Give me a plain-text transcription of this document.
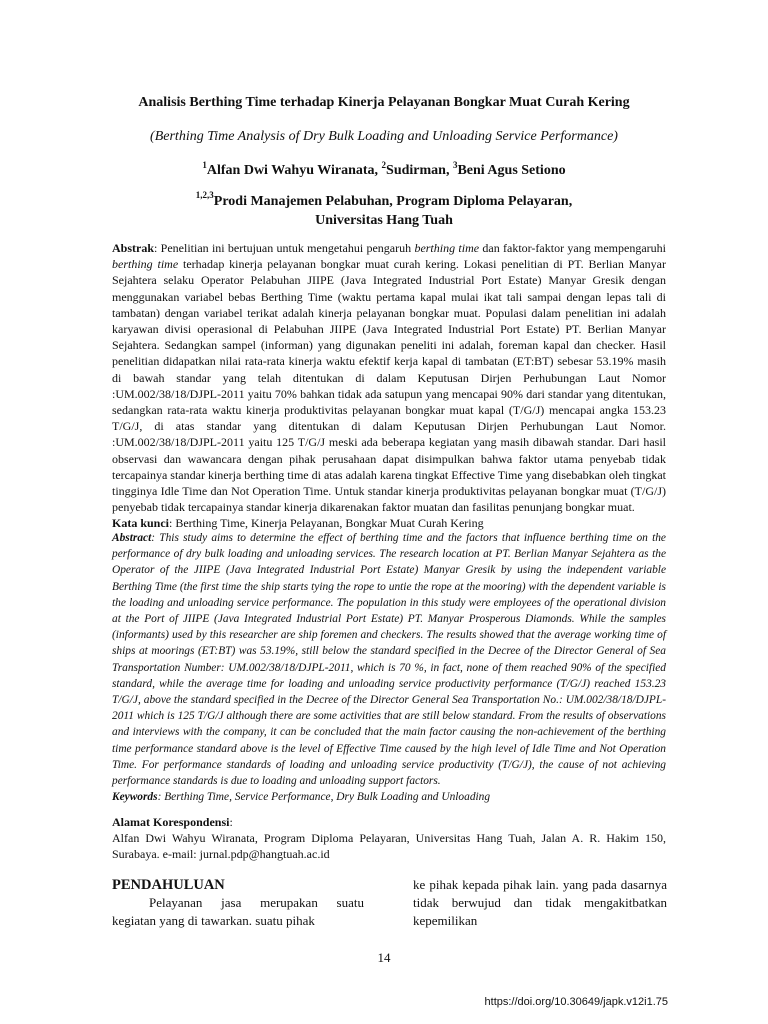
Analisis Berthing Time terhadap Kinerja Pelayanan Bongkar Muat Curah Kering
(Berthing Time Analysis of Dry Bulk Loading and Unloading Service Performance)
$^1$Alfan Dwi Wahyu Wiranata, $^2$Sudirman, $^3$Beni Agus Setiono
$^{1,2,3}$Prodi Manajemen Pelabuhan, Program Diploma Pelayaran,
Universitas Hang Tuah

Abstrak: Penelitian ini bertujuan untuk mengetahui pengaruh berthing time dan faktor-faktor yang mempengaruhi berthing time terhadap kinerja pelayanan bongkar muat curah kering. Lokasi penelitian di PT. Berlian Manyar Sejahtera selaku Operator Pelabuhan JIIPE (Java Integrated Industrial Port Estate) Manyar Gresik dengan menggunakan variabel bebas Berthing Time (waktu pertama kapal mulai ikat tali sampai dengan lepas tali di tambatan) dengan variabel terikat adalah kinerja pelayanan bongkar muat. Populasi dalam penelitian ini adalah karyawan divisi operasional di Pelabuhan JIIPE (Java Integrated Industrial Port Estate) PT. Berlian Manyar Sejahtera. Sedangkan sampel (informan) yang digunakan peneliti ini adalah, foreman kapal dan checker. Hasil penelitian didapatkan nilai rata-rata kinerja waktu efektif kerja kapal di tambatan (ET:BT) sebesar 53.19% masih di bawah standar yang telah ditentukan di dalam Keputusan Dirjen Perhubungan Laut Nomor :UM.002/38/18/DJPL-2011 yaitu 70% bahkan tidak ada satupun yang mencapai 90% dari standar yang ditentukan, sedangkan rata-rata waktu kinerja produktivitas pelayanan bongkar muat kapal (T/G/J) mencapai angka 153.23 T/G/J, di atas standar yang ditentukan di dalam Keputusan Dirjen Perhubungan Laut Nomor. :UM.002/38/18/DJPL-2011 yaitu 125 T/G/J meski ada beberapa kegiatan yang masih dibawah standar. Dari hasil observasi dan wawancara dengan pihak perusahaan dapat disimpulkan bahwa faktor utama penyebab tidak tercapainya standar kinerja berthing time di atas adalah karena tingkat Effective Time yang disebabkan oleh tingkat tingginya Idle Time dan Not Operation Time. Untuk standar kinerja produktivitas pelayanan bongkar muat (T/G/J) penyebab tidak tercapainya standar kinerja dikarenakan faktor muatan dan fasilitas penunjang bongkar muat.

Kata kunci: Berthing Time, Kinerja Pelayanan, Bongkar Muat Curah Kering

Abstract: This study aims to determine the effect of berthing time and the factors that influence berthing time on the performance of dry bulk loading and unloading services. The research location at PT. Berlian Manyar Sejahtera as the Operator of the JIIPE (Java Integrated Industrial Port Estate) Manyar Gresik by using the independent variable Berthing Time (the first time the ship starts tying the rope to untie the rope at the mooring) with the dependent variable is the loading and unloading service performance. The population in this study were employees of the operational division at the Port of JIIPE (Java Integrated Industrial Port Estate) PT. Manyar Prosperous Diamonds. While the samples (informants) used by this researcher are ship foremen and checkers. The results showed that the average working time of ships at moorings (ET:BT) was 53.19%, still below the standard specified in the Decree of the Director General of Sea Transportation Number: UM.002/38/18/DJPL-2011, which is 70 %, in fact, none of them reached 90% of the specified standard, while the average time for loading and unloading service productivity performance (T/G/J) reached 153.23 T/G/J, above the standard specified in the Decree of the Director General Sea Transportation No.: UM.002/38/18/DJPL-2011 which is 125 T/G/J although there are some activities that are still below standard. From the results of observations and interviews with the company, it can be concluded that the main factor causing the non-achievement of the berthing time performance standard above is the level of Effective Time caused by the high level of Idle Time and Not Operation Time. For performance standards of loading and unloading service productivity (T/G/J), the cause of not achieving performance standards is due to loading and unloading support factors.

Keywords: Berthing Time, Service Performance, Dry Bulk Loading and Unloading

Alamat Korespondensi:

Alfan Dwi Wahyu Wiranata, Program Diploma Pelayaran, Universitas Hang Tuah, Jalan A. R. Hakim 150, Surabaya. e-mail: jurnal.pdp@hangtuah.ac.id

PENDAHULUAN

Pelayanan jasa merupakan suatu kegiatan yang di tawarkan. suatu pihak

ke pihak kepada pihak lain. yang pada dasarnya tidak berwujud dan tidak mengakitbatkan kepemilikan

14
https://doi.org/10.30649/japk.v12i1.75
